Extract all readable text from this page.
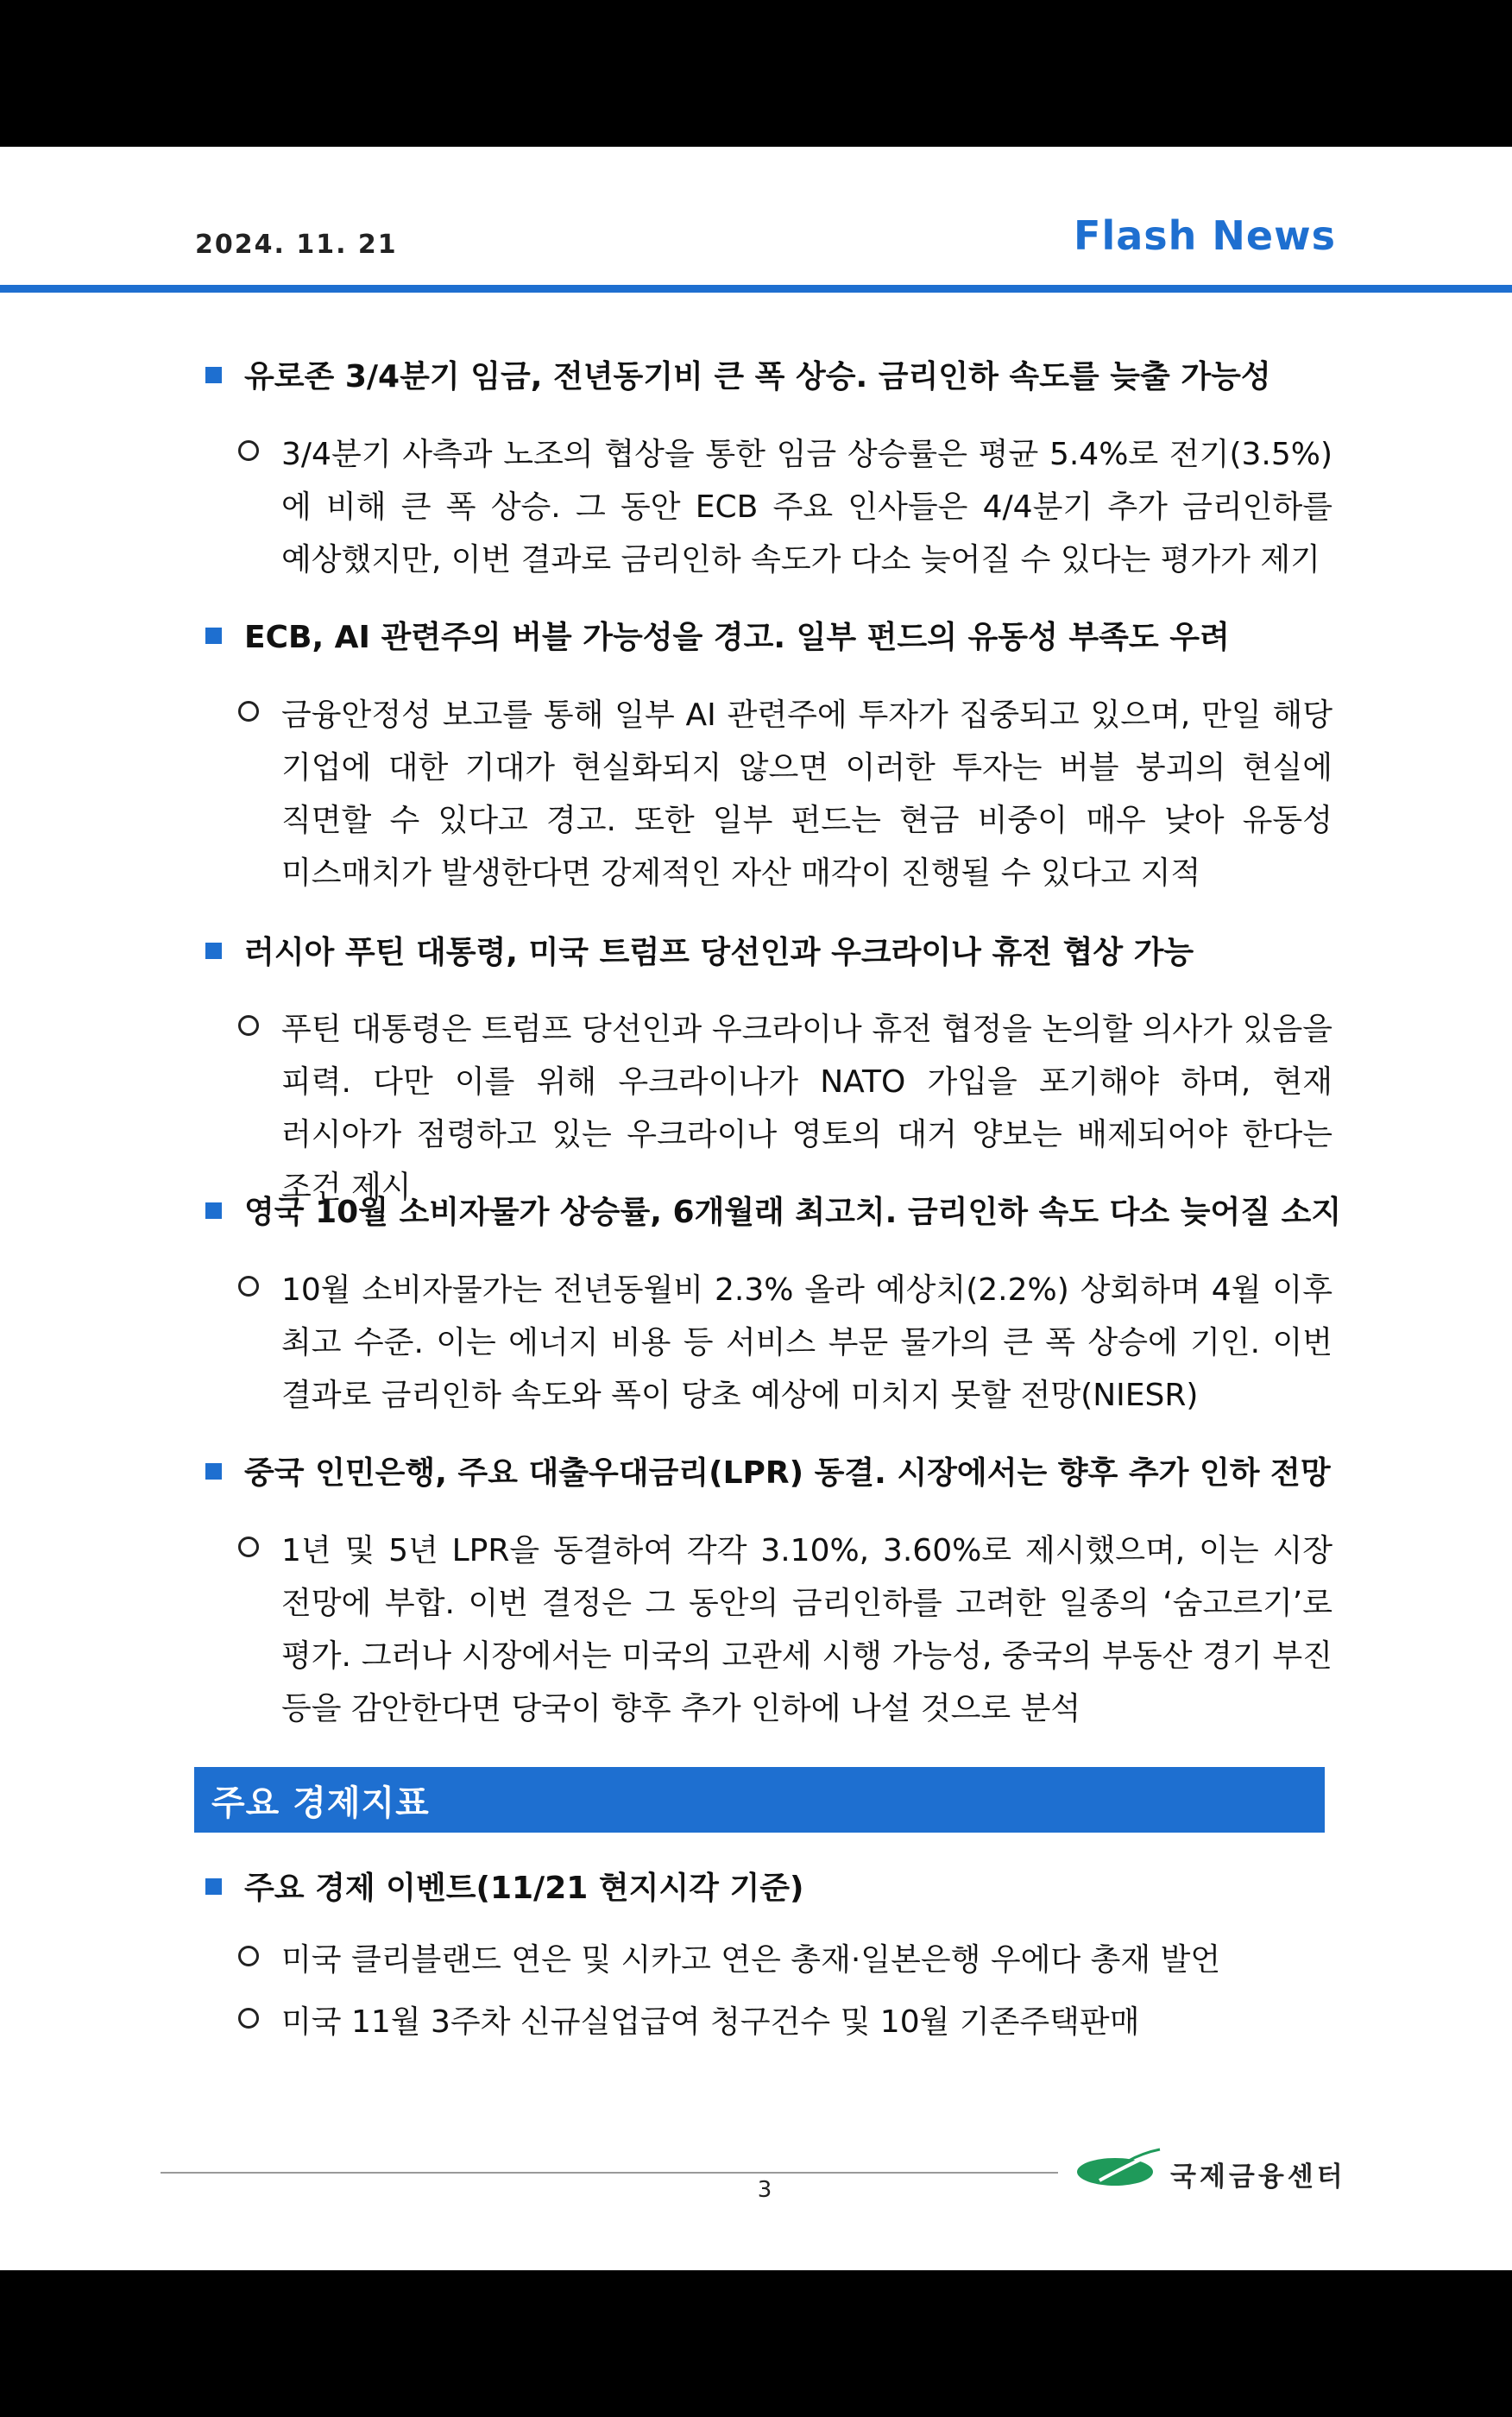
2024. 11. 21	Flash News
유로존 3/4분기 임금, 전년동기비 큰 폭 상승. 금리인하 속도를 늦출 가능성
3/4분기 사측과 노조의 협상을 통한 임금 상승률은 평균 5.4%로 전기(3.5%)에 비해 큰 폭 상승. 그 동안 ECB 주요 인사들은 4/4분기 추가 금리인하를 예상했지만, 이번 결과로 금리인하 속도가 다소 늦어질 수 있다는 평가가 제기
ECB, AI 관련주의 버블 가능성을 경고. 일부 펀드의 유동성 부족도 우려
금융안정성 보고를 통해 일부 AI 관련주에 투자가 집중되고 있으며, 만일 해당 기업에 대한 기대가 현실화되지 않으면 이러한 투자는 버블 붕괴의 현실에 직면할 수 있다고 경고. 또한 일부 펀드는 현금 비중이 매우 낮아 유동성 미스매치가 발생한다면 강제적인 자산 매각이 진행될 수 있다고 지적
러시아 푸틴 대통령, 미국 트럼프 당선인과 우크라이나 휴전 협상 가능
푸틴 대통령은 트럼프 당선인과 우크라이나 휴전 협정을 논의할 의사가 있음을 피력. 다만 이를 위해 우크라이나가 NATO 가입을 포기해야 하며, 현재 러시아가 점령하고 있는 우크라이나 영토의 대거 양보는 배제되어야 한다는 조건 제시
영국 10월 소비자물가 상승률, 6개월래 최고치. 금리인하 속도 다소 늦어질 소지
10월 소비자물가는 전년동월비 2.3% 올라 예상치(2.2%) 상회하며 4월 이후 최고 수준. 이는 에너지 비용 등 서비스 부문 물가의 큰 폭 상승에 기인. 이번 결과로 금리인하 속도와 폭이 당초 예상에 미치지 못할 전망(NIESR)
중국 인민은행, 주요 대출우대금리(LPR) 동결. 시장에서는 향후 추가 인하 전망
1년 및 5년 LPR을 동결하여 각각 3.10%, 3.60%로 제시했으며, 이는 시장 전망에 부합. 이번 결정은 그 동안의 금리인하를 고려한 일종의 ‘숨고르기’로 평가. 그러나 시장에서는 미국의 고관세 시행 가능성, 중국의 부동산 경기 부진 등을 감안한다면 당국이 향후 추가 인하에 나설 것으로 분석
주요 경제지표
주요 경제 이벤트(11/21 현지시각 기준)
미국 클리블랜드 연은 및 시카고 연은 총재·일본은행 우에다 총재 발언
미국 11월 3주차 신규실업급여 청구건수 및 10월 기존주택판매
국제금융센터
3
